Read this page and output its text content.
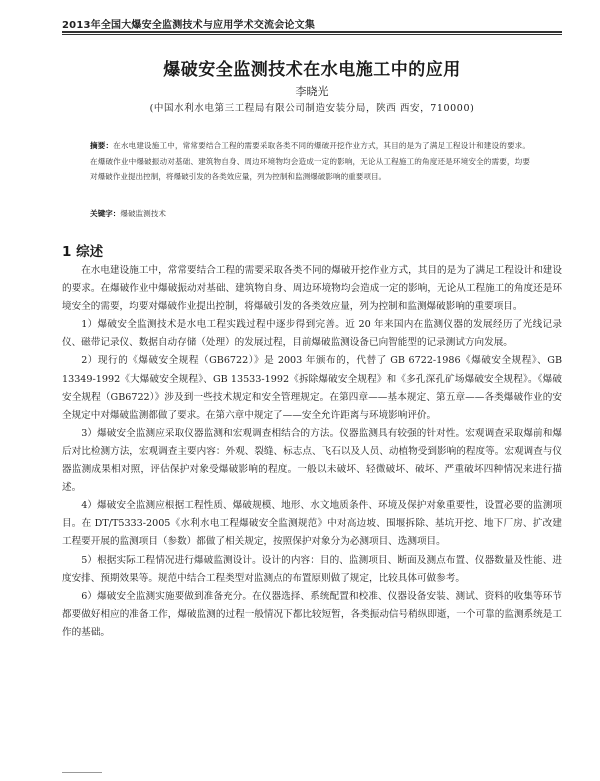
2013年全国大爆安全监测技术与应用学术交流会论文集
爆破安全监测技术在水电施工中的应用
李晓光
(中国水利水电第三工程局有限公司制造安装分局，陕西 西安，710000)
摘要：在水电建设施工中，常常要结合工程的需要采取各类不同的爆破开挖作业方式，其目的是为了满足工程设计和建设的要求。在爆破作业中爆破振动对基础、建筑物自身、周边环境物均会造成一定的影响，无论从工程施工的角度还是环境安全的需要，均要对爆破作业提出控制，将爆破引发的各类效应量，列为控制和监测爆破影响的重要项目。
关键字：爆破监测技术
1 综述

在水电建设施工中，常常要结合工程的需要采取各类不同的爆破开挖作业方式，其目的是为了满足工程设计和建设的要求。在爆破作业中爆破振动对基础、建筑物自身、周边环境物均会造成一定的影响，无论从工程施工的角度还是环境安全的需要，均要对爆破作业提出控制，将爆破引发的各类效应量，列为控制和监测爆破影响的重要项目。

1）爆破安全监测技术是水电工程实践过程中逐步得到完善。近 20 年来国内在监测仪器的发展经历了光线记录仪、磁带记录仪、数据自动存储（处理）的发展过程，目前爆破监测设备已向智能型的记录测试方向发展。

2）现行的《爆破安全规程（GB6722）》是 2003 年颁布的，代替了 GB 6722-1986《爆破安全规程》、GB 13349-1992《大爆破安全规程》、GB 13533-1992《拆除爆破安全规程》和《多孔深孔矿场爆破安全规程》。《爆破安全规程（GB6722）》涉及到一些技术规定和安全管理规定。在第四章——基本规定、第五章——各类爆破作业的安全规定中对爆破监测都做了要求。在第六章中规定了——安全允许距离与环境影响评价。

3）爆破安全监测应采取仪器监测和宏观调查相结合的方法。仪器监测具有较强的针对性。宏观调查采取爆前和爆后对比检测方法，宏观调查主要内容：外观、裂缝、标志点、飞石以及人员、动植物受到影响的程度等。宏观调查与仪器监测成果相对照，评估保护对象受爆破影响的程度。一般以未破坏、轻微破坏、破坏、严重破坏四种情况来进行描述。

4）爆破安全监测应根据工程性质、爆破规模、地形、水文地质条件、环境及保护对象重要性，设置必要的监测项目。在 DT/T5333-2005《水利水电工程爆破安全监测规范》中对高边坡、围堰拆除、基坑开挖、地下厂房、扩改建工程要开展的监测项目（参数）都做了相关规定，按照保护对象分为必测项目、选测项目。

5）根据实际工程情况进行爆破监测设计。设计的内容：目的、监测项目、断面及测点布置、仪器数量及性能、进度安排、预期效果等。规范中结合工程类型对监测点的布置原则做了规定，比较具体可做参考。

6）爆破安全监测实施要做到准备充分。在仪器选择、系统配置和校准、仪器设备安装、测试、资料的收集等环节都要做好相应的准备工作，爆破监测的过程一般情况下都比较短暂，各类振动信号稍纵即逝，一个可靠的监测系统是工作的基础。
